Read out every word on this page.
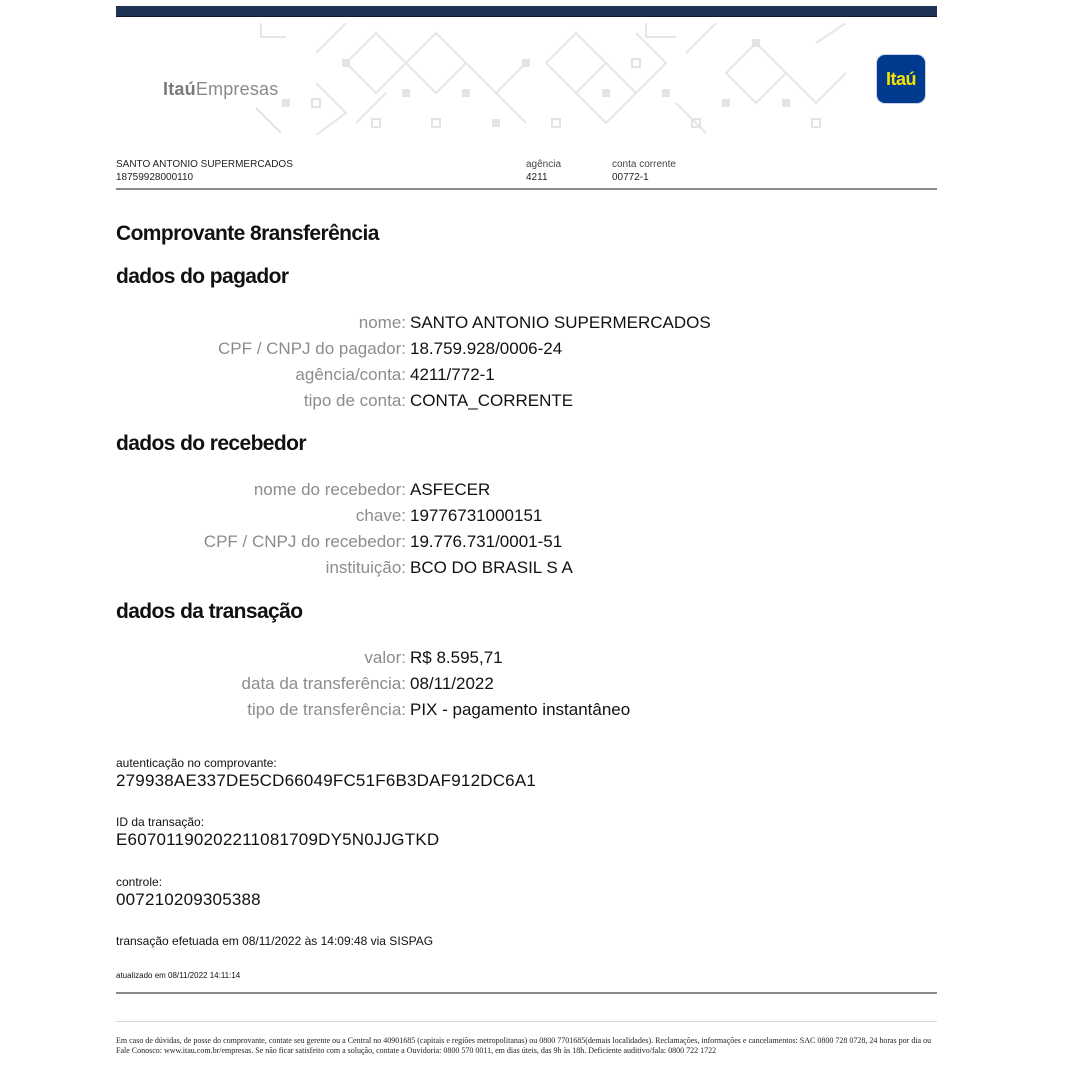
ItaúEmpresas
Itaú
SANTO ANTONIO SUPERMERCADOS
18759928000110
agência
4211
conta corrente
00772-1
Comprovante 8ransferência
dados do pagador
nome: SANTO ANTONIO SUPERMERCADOS
CPF / CNPJ do pagador: 18.759.928/0006-24
agência/conta: 4211/772-1
tipo de conta: CONTA_CORRENTE
dados do recebedor
nome do recebedor: ASFECER
chave: 19776731000151
CPF / CNPJ do recebedor: 19.776.731/0001-51
instituição: BCO DO BRASIL S A
dados da transação
valor: R$ 8.595,71
data da transferência: 08/11/2022
tipo de transferência: PIX - pagamento instantâneo
autenticação no comprovante:
279938AE337DE5CD66049FC51F6B3DAF912DC6A1
ID da transação:
E60701190202211081709DY5N0JJGTKD
controle:
007210209305388
transação efetuada em 08/11/2022 às 14:09:48 via SISPAG
atualizado em 08/11/2022 14:11:14
Em caso de dúvidas, de posse do comprovante, contate seu gerente ou a Central no 40901685 (capitais e regiões metropolitanas) ou 0800 7701685(demais localidades). Reclamações, informações e cancelamentos: SAC 0800 728 0728, 24 horas por dia ou Fale Conosco: www.itau.com.br/empresas. Se não ficar satisfeito com a solução, contate a Ouvidoria: 0800 570 0011, em dias úteis, das 9h às 18h. Deficiente auditivo/fala: 0800 722 1722
